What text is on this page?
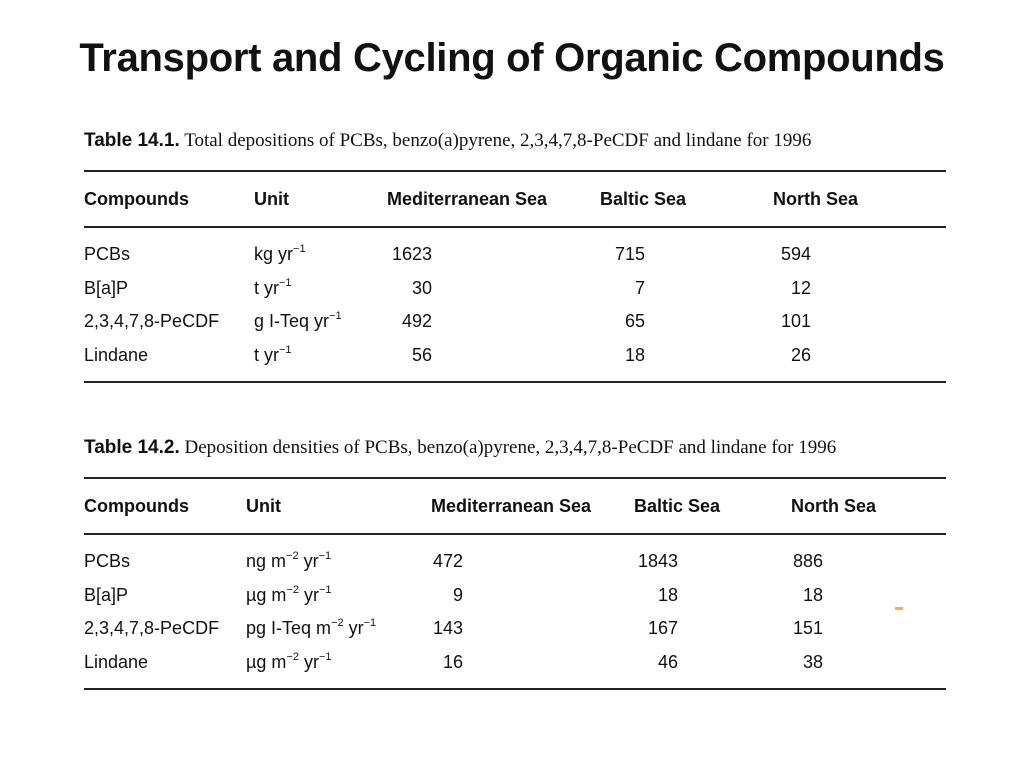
Transport and Cycling of Organic Compounds
Table 14.1. Total depositions of PCBs, benzo(a)pyrene, 2,3,4,7,8-PeCDF and lindane for 1996
Compounds	Unit	Mediterranean Sea	Baltic Sea	North Sea
PCBs	kg $yr^{-1}$	1623	715	594
B[a]P	t $yr^{-1}$	30	7	12
2,3,4,7,8-PeCDF	g I-Teq $yr^{-1}$	492	65	101
Lindane	t $yr^{-1}$	56	18	26
Table 14.2. Deposition densities of PCBs, benzo(a)pyrene, 2,3,4,7,8-PeCDF and lindane for 1996
Compounds	Unit	Mediterranean Sea	Baltic Sea	North Sea
PCBs	ng $m^{-2}$ $yr^{-1}$	472	1843	886
B[a]P	µg $m^{-2}$ $yr^{-1}$	9	18	18
2,3,4,7,8-PeCDF	pg I-Teq $m^{-2}$ $yr^{-1}$	143	167	151
Lindane	µg $m^{-2}$ $yr^{-1}$	16	46	38
